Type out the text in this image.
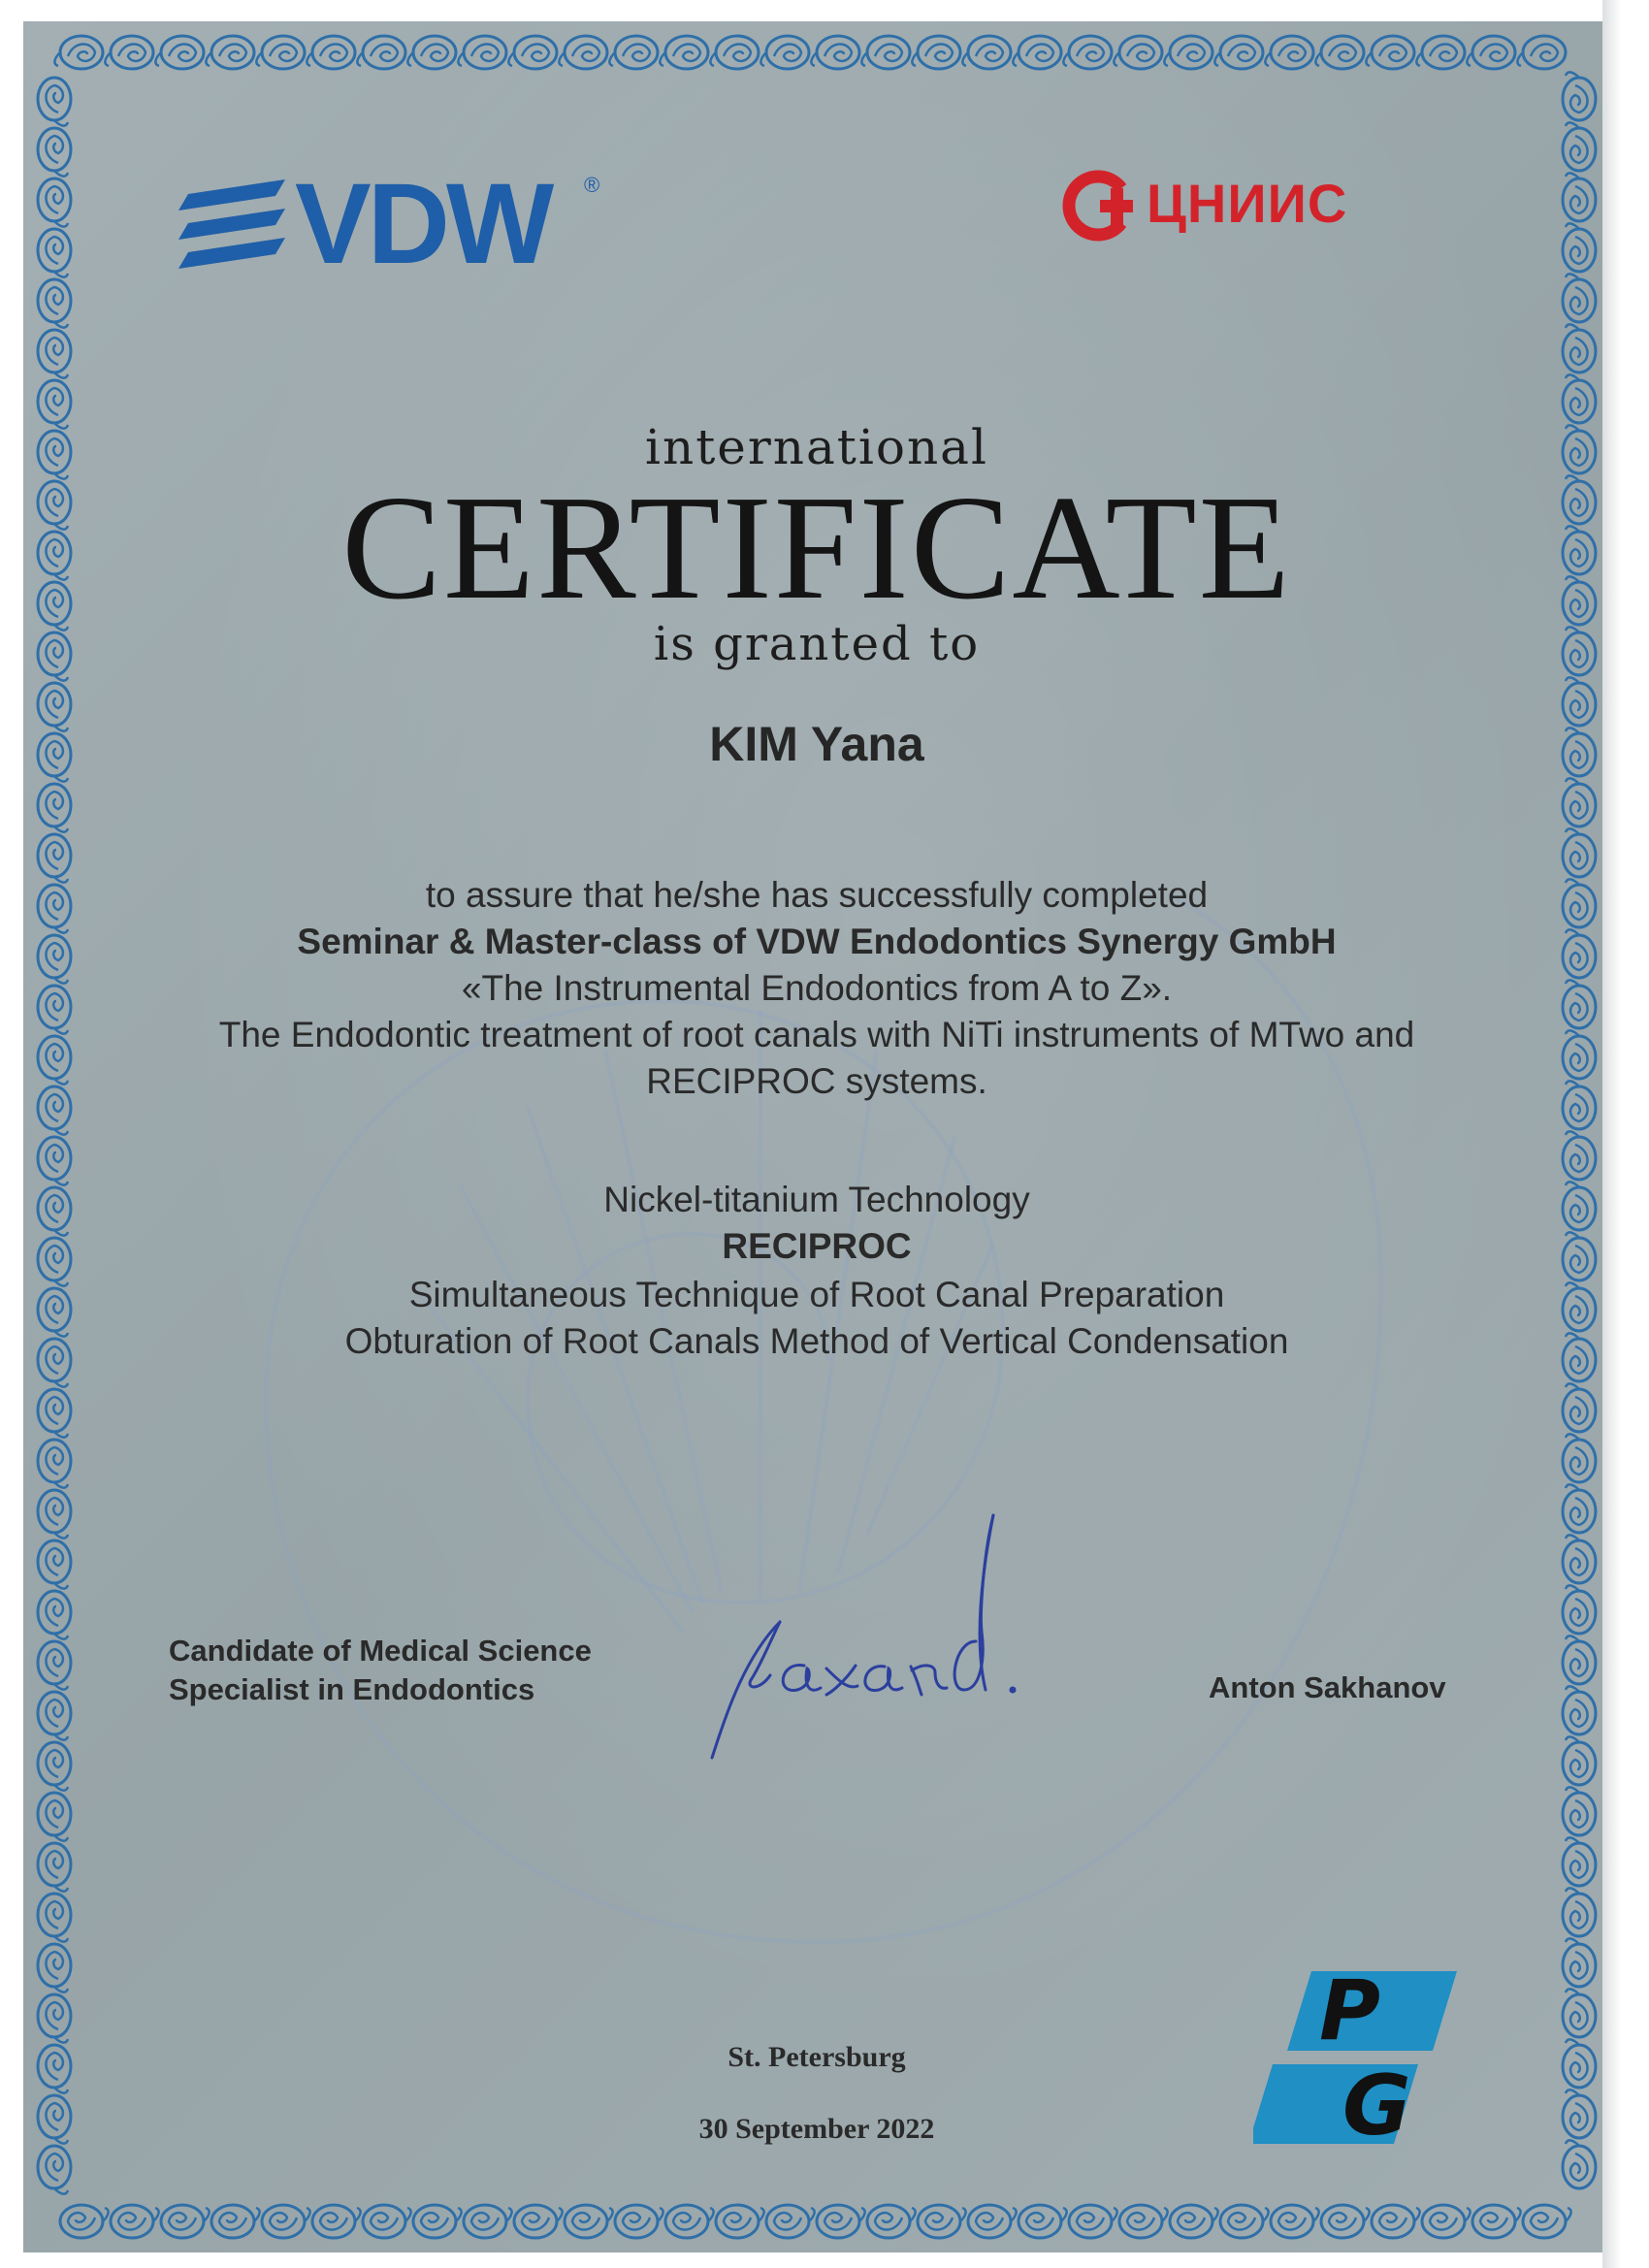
VDW ®	ЦНИИС
international
CERTIFICATE
is granted to
KIM Yana
to assure that he/she has successfully completed
Seminar & Master-class of VDW Endodontics Synergy GmbH
«The Instrumental Endodontics from A to Z».
The Endodontic treatment of root canals with NiTi instruments of MTwo and
RECIPROC systems.
Nickel-titanium Technology
RECIPROC
Simultaneous Technique of Root Canal Preparation
Obturation of Root Canals Method of Vertical Condensation
Candidate of Medical Science
Specialist in Endodontics	Anton Sakhanov
St. Petersburg
30 September 2022
P
G
